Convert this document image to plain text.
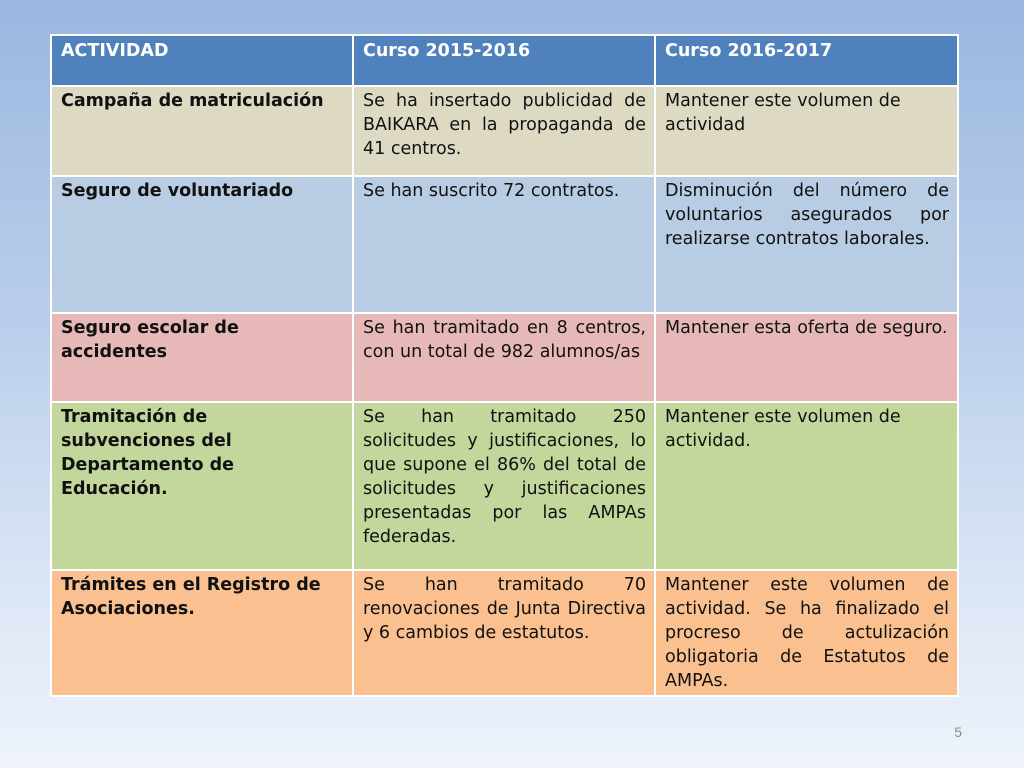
ACTIVIDAD	Curso 2015-2016	Curso 2016-2017
Campaña de matriculación	Se ha insertado publicidad de BAIKARA en la propaganda de 41 centros.	Mantener este volumen de actividad
Seguro de voluntariado	Se han suscrito 72 contratos.	Disminución del número de voluntarios asegurados por realizarse contratos laborales.
Seguro escolar de accidentes	Se han tramitado en 8 centros, con un total de 982 alumnos/as	Mantener esta oferta de seguro.
Tramitación de subvenciones del Departamento de Educación.	Se han tramitado 250 solicitudes y justificaciones, lo que supone el 86% del total de solicitudes y justificaciones presentadas por las AMPAs federadas.	Mantener este volumen de actividad.
Trámites en el Registro de Asociaciones.	Se han tramitado 70 renovaciones de Junta Directiva y 6 cambios de estatutos.	Mantener este volumen de actividad. Se ha finalizado el procreso de actulización obligatoria de Estatutos de AMPAs.
5
